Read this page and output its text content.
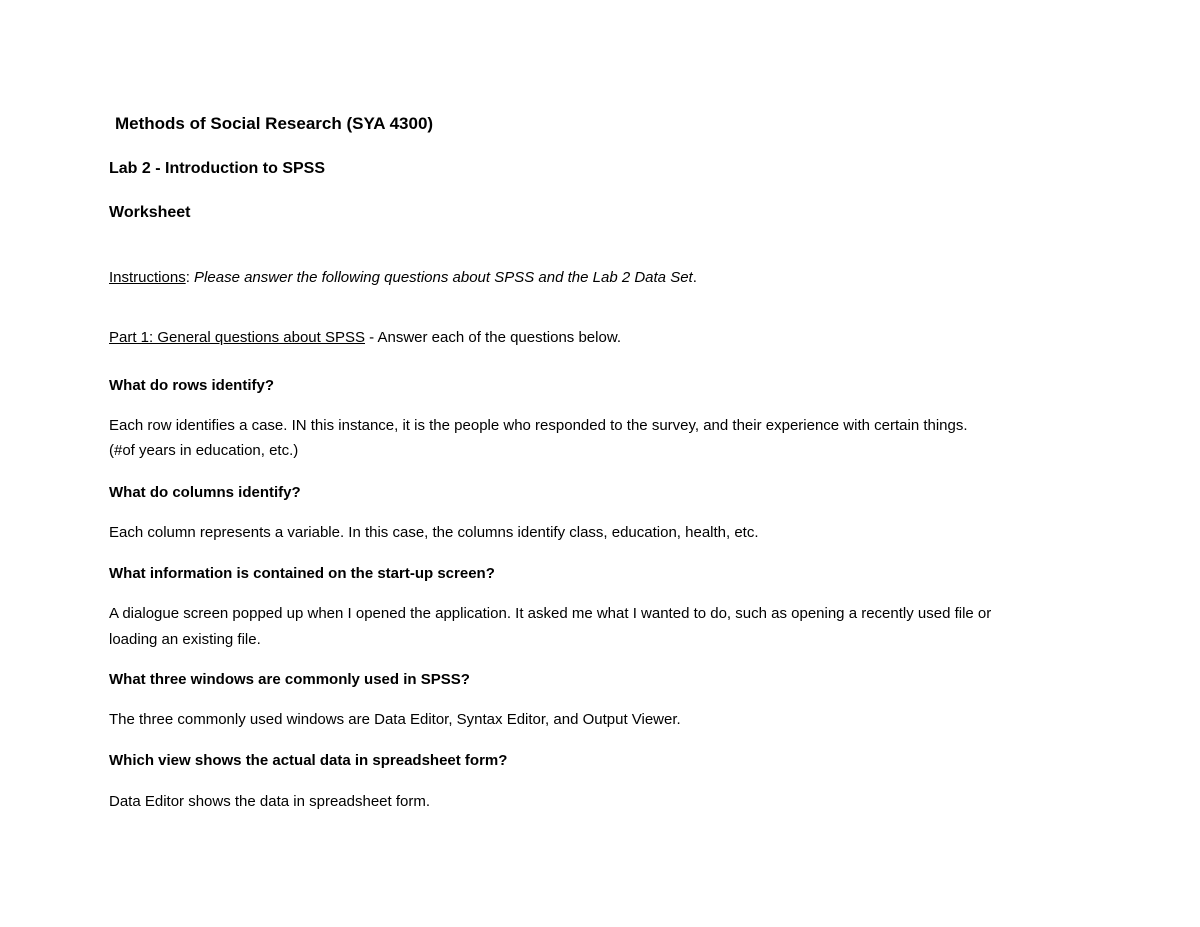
Methods of Social Research (SYA 4300)
Lab 2 - Introduction to SPSS
Worksheet
Instructions: Please answer the following questions about SPSS and the Lab 2 Data Set.
Part 1: General questions about SPSS - Answer each of the questions below.
What do rows identify?
Each row identifies a case. IN this instance, it is the people who responded to the survey, and their experience with certain things.
(#of years in education, etc.)
What do columns identify?
Each column represents a variable. In this case, the columns identify class, education, health, etc.
What information is contained on the start-up screen?
A dialogue screen popped up when I opened the application. It asked me what I wanted to do, such as opening a recently used file or
loading an existing file.
What three windows are commonly used in SPSS?
The three commonly used windows are Data Editor, Syntax Editor, and Output Viewer.
Which view shows the actual data in spreadsheet form?
Data Editor shows the data in spreadsheet form.
